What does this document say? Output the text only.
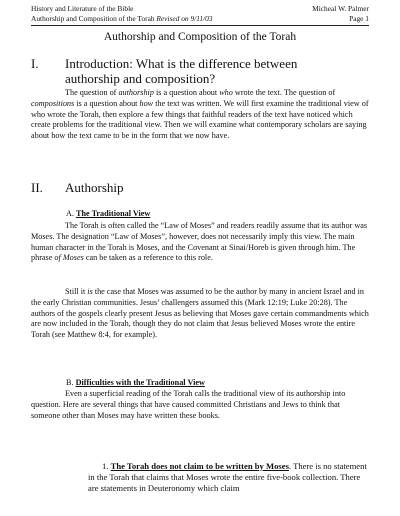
History and Literature of the Bible	Micheal W. Palmer
Authorship and Composition of the Torah Revised on 9/11/03	Page 1
Authorship and Composition of the Torah
I. Introduction: What is the difference between
authorship and composition?

The question of authorship is a question about who wrote the text. The question of compositions is a question about how the text was written. We will first examine the traditional view of who wrote the Torah, then explore a few things that faithful readers of the text have noticed which create problems for the traditional view. Then we will examine what contemporary scholars are saying about how the text came to be in the form that we now have.

II. Authorship
A. The Traditional View

The Torah is often called the “Law of Moses” and readers readily assume that its author was Moses. The designation “Law of Moses”, however, does not necessarily imply this view. The main human character in the Torah is Moses, and the Covenant at Sinai/Horeb is given through him. The phrase of Moses can be taken as a reference to this role.

Still it is the case that Moses was assumed to be the author by many in ancient Israel and in the early Christian communities. Jesus’ challengers assumed this (Mark 12:19; Luke 20:28). The authors of the gospels clearly present Jesus as believing that Moses gave certain commandments which are now included in the Torah, though they do not claim that Jesus believed Moses wrote the entire Torah (see Matthew 8:4, for example).

B. Difficulties with the Traditional View

Even a superficial reading of the Torah calls the traditional view of its authorship into question. Here are several things that have caused committed Christians and Jews to think that someone other than Moses may have written these books.

1. The Torah does not claim to be written by Moses. There is no statement in the Torah that claims that Moses wrote the entire five-book collection. There are statements in Deuteronomy which claim
